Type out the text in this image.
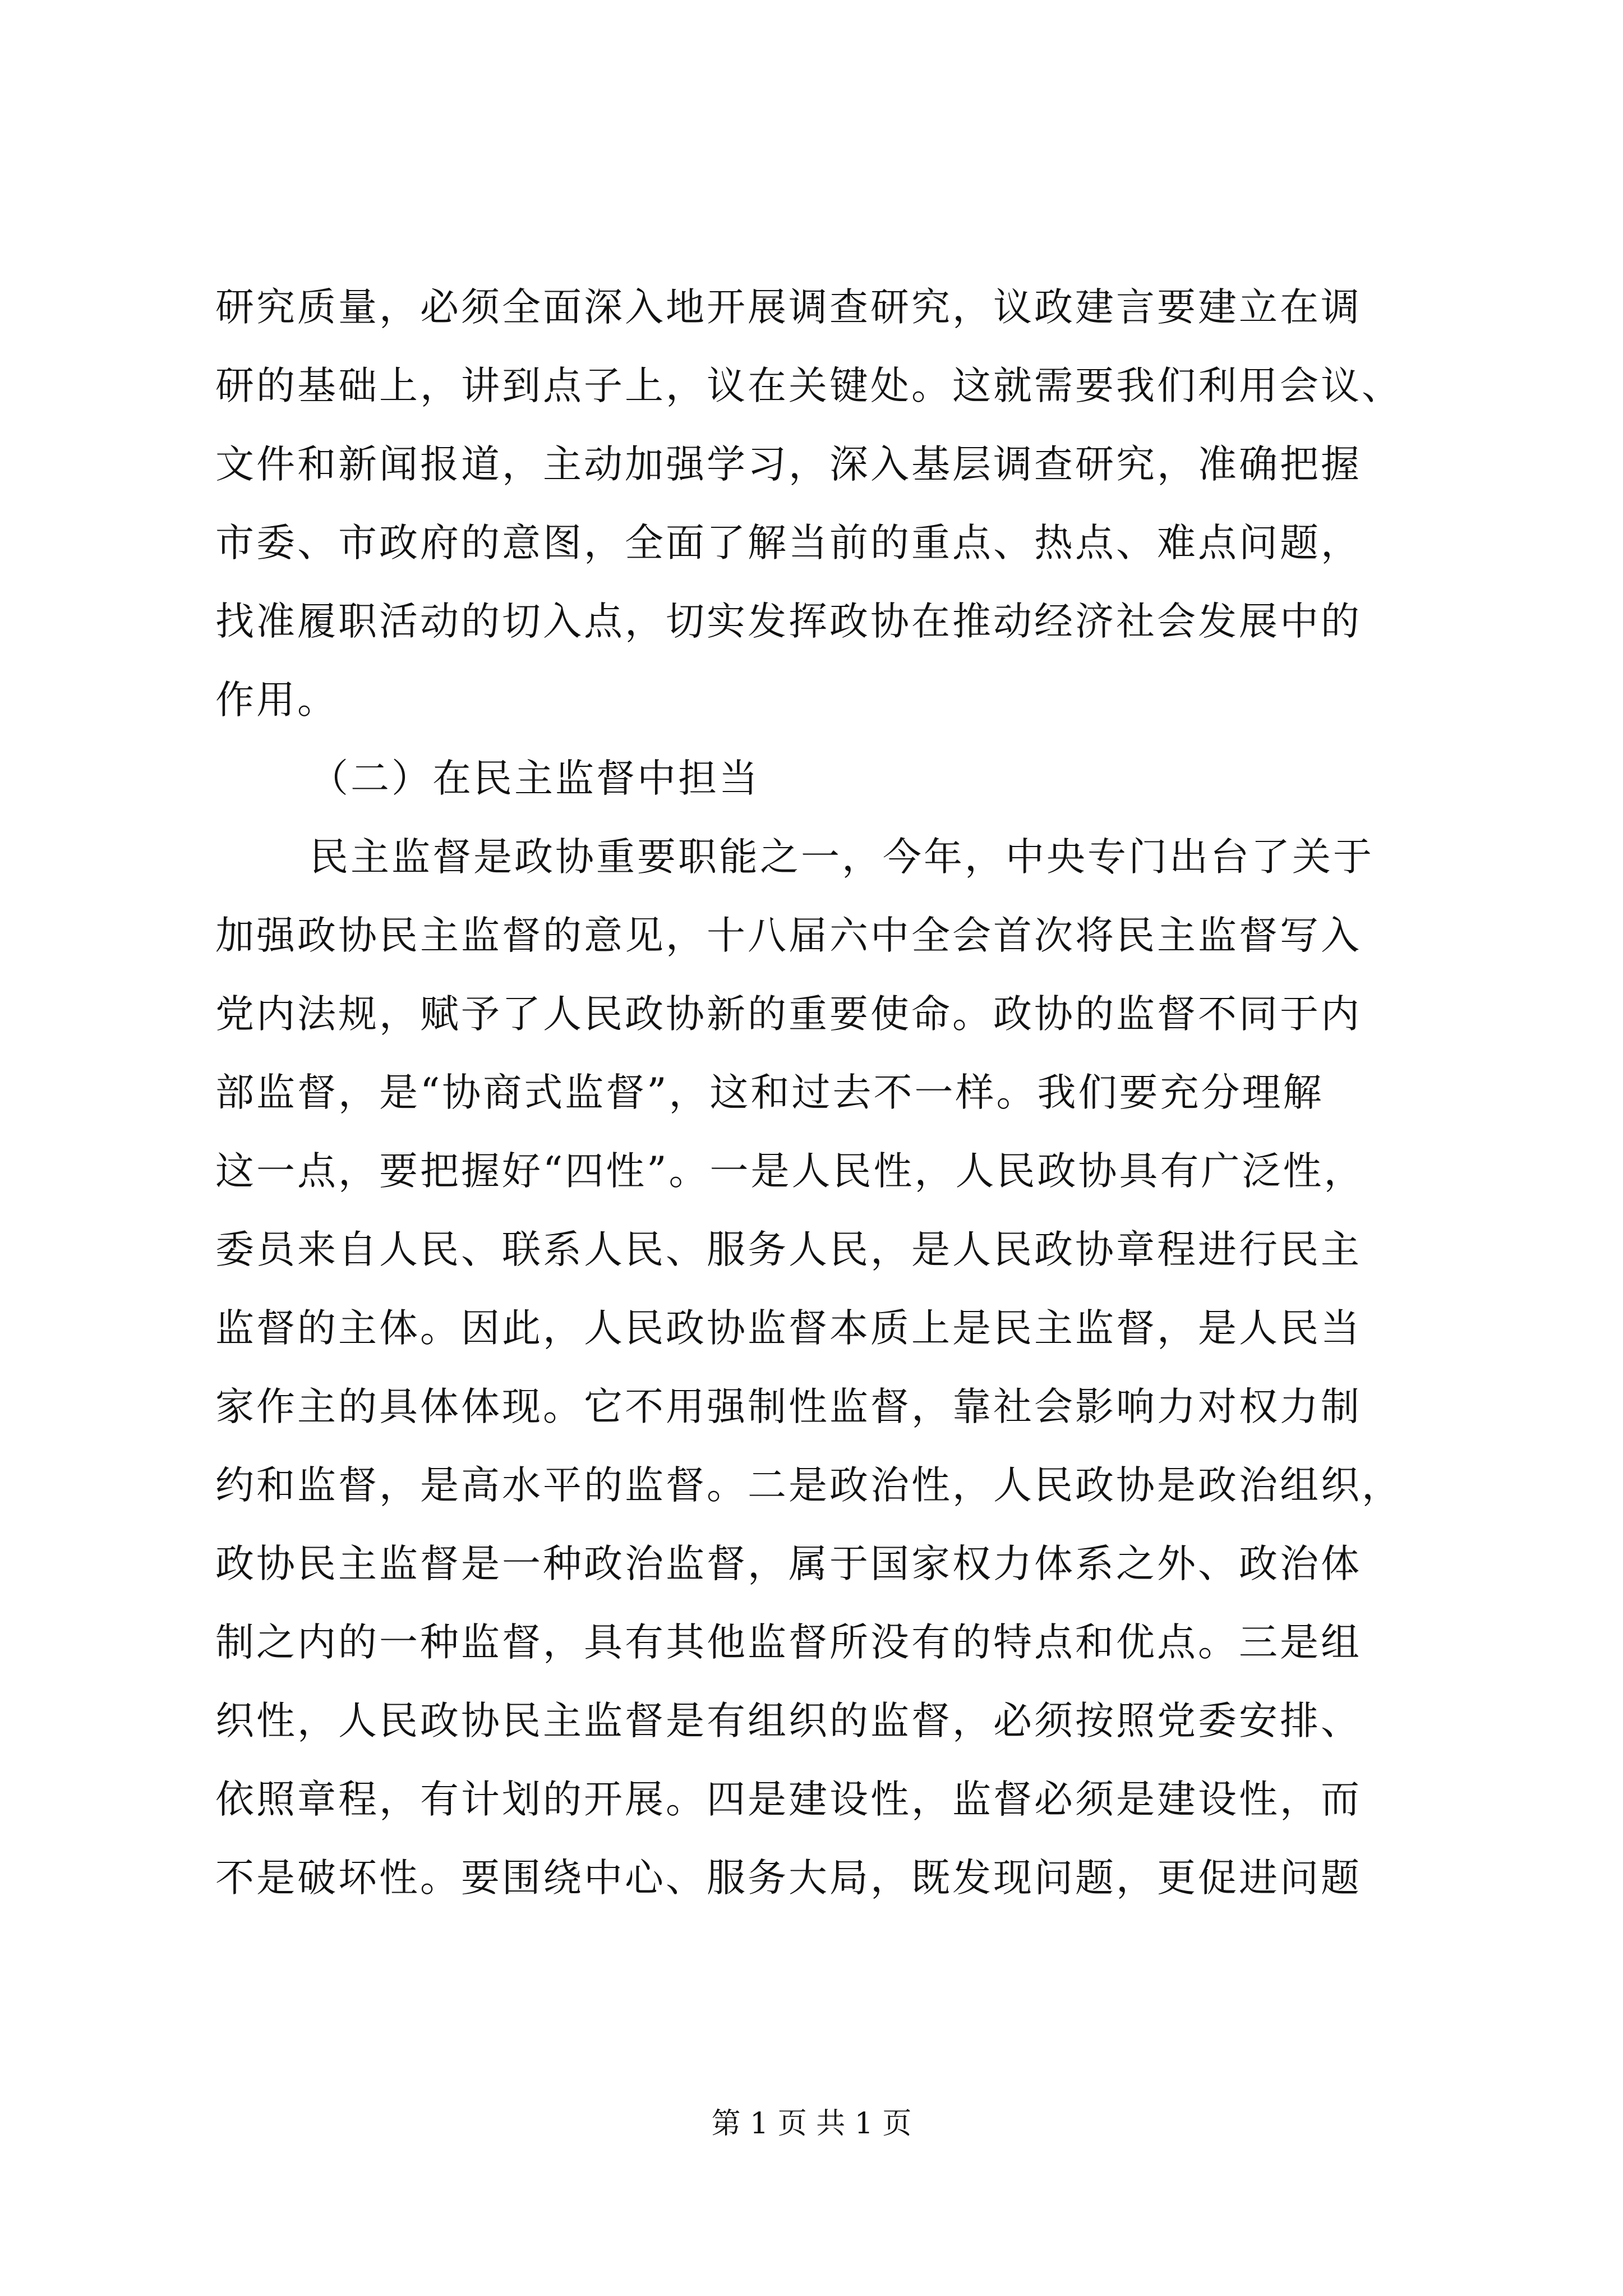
研究质量，必须全面深入地开展调查研究，议政建言要建立在调
研的基础上，讲到点子上，议在关键处。这就需要我们利用会议、
文件和新闻报道，主动加强学习，深入基层调查研究，准确把握
市委、市政府的意图，全面了解当前的重点、热点、难点问题，
找准履职活动的切入点，切实发挥政协在推动经济社会发展中的
作用。
（二）在民主监督中担当
民主监督是政协重要职能之一，今年，中央专门出台了关于
加强政协民主监督的意见，十八届六中全会首次将民主监督写入
党内法规，赋予了人民政协新的重要使命。政协的监督不同于内
部监督，是“协商式监督”，这和过去不一样。我们要充分理解
这一点，要把握好“四性”。一是人民性，人民政协具有广泛性，
委员来自人民、联系人民、服务人民，是人民政协章程进行民主
监督的主体。因此，人民政协监督本质上是民主监督，是人民当
家作主的具体体现。它不用强制性监督，靠社会影响力对权力制
约和监督，是高水平的监督。二是政治性，人民政协是政治组织，
政协民主监督是一种政治监督，属于国家权力体系之外、政治体
制之内的一种监督，具有其他监督所没有的特点和优点。三是组
织性，人民政协民主监督是有组织的监督，必须按照党委安排、
依照章程，有计划的开展。四是建设性，监督必须是建设性，而
不是破坏性。要围绕中心、服务大局，既发现问题，更促进问题
第 1 页 共 1 页
